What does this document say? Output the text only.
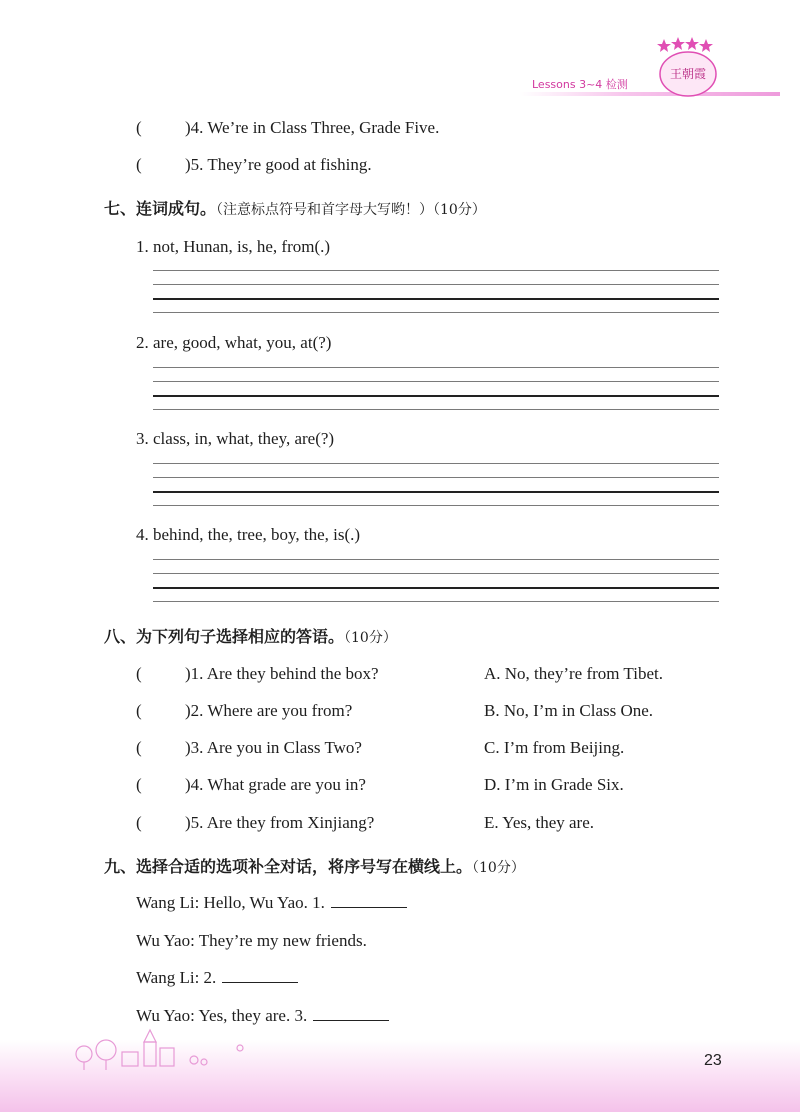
Lessons 3~4 检测
王朝霞
(	)4. We’re in Class Three, Grade Five.
(	)5. They’re good at fishing.
七、连词成句。（注意标点符号和首字母大写哟！）（10分）
1. not, Hunan, is, he, from(.)
2. are, good, what, you, at(?)
3. class, in, what, they, are(?)
4. behind, the, tree, boy, the, is(.)
八、为下列句子选择相应的答语。（10分）
(	)1. Are they behind the box?	A. No, they’re from Tibet.
(	)2. Where are you from?	B. No, I’m in Class One.
(	)3. Are you in Class Two?	C. I’m from Beijing.
(	)4. What grade are you in?	D. I’m in Grade Six.
(	)5. Are they from Xinjiang?	E. Yes, they are.
九、选择合适的选项补全对话，将序号写在横线上。（10分）
Wang Li: Hello, Wu Yao. 1.
Wu Yao: They’re my new friends.
Wang Li: 2.
Wu Yao: Yes, they are. 3.
23
